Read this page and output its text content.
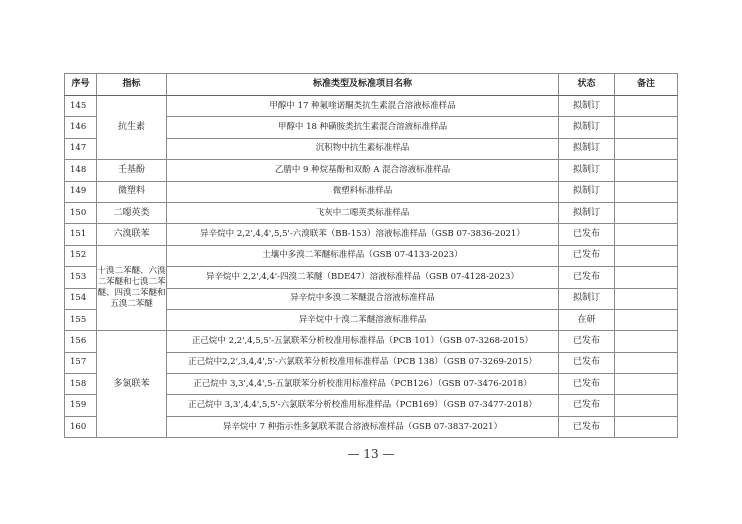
序号	指标	标准类型及标准项目名称	状态	备注
145	抗生素	甲醇中 17 种氟喹诺酮类抗生素混合溶液标准样品	拟制订	
146		甲醇中 18 种磺胺类抗生素混合溶液标准样品	拟制订	
147		沉积物中抗生素标准样品	拟制订	
148	壬基酚	乙腈中 9 种烷基酚和双酚 A 混合溶液标准样品	拟制订	
149	微塑料	微塑料标准样品	拟制订	
150	二噁英类	飞灰中二噁英类标准样品	拟制订	
151	六溴联苯	异辛烷中 2,2',4,4',5,5'-六溴联苯（BB-153）溶液标准样品（GSB 07-3836-2021）	已发布	
152	十溴二苯醚、六溴二苯醚和七溴二苯醚、四溴二苯醚和五溴二苯醚	土壤中多溴二苯醚标准样品（GSB 07-4133-2023）	已发布	
153		异辛烷中 2,2',4,4'-四溴二苯醚（BDE47）溶液标准样品（GSB 07-4128-2023）	已发布	
154		异辛烷中多溴二苯醚混合溶液标准样品	拟制订	
155		异辛烷中十溴二苯醚溶液标准样品	在研	
156	多氯联苯	正己烷中 2,2',4,5,5'-五氯联苯分析校准用标准样品（PCB 101）（GSB 07-3268-2015）	已发布	
157		正己烷中2,2',3,4,4',5'-六氯联苯分析校准用标准样品（PCB 138）（GSB 07-3269-2015）	已发布	
158		正己烷中 3,3',4,4',5-五氯联苯分析校准用标准样品（PCB126）（GSB 07-3476-2018）	已发布	
159		正己烷中 3,3',4,4',5,5'-六氯联苯分析校准用标准样品（PCB169）（GSB 07-3477-2018）	已发布	
160		异辛烷中 7 种指示性多氯联苯混合溶液标准样品（GSB 07-3837-2021）	已发布	
— 13 —
